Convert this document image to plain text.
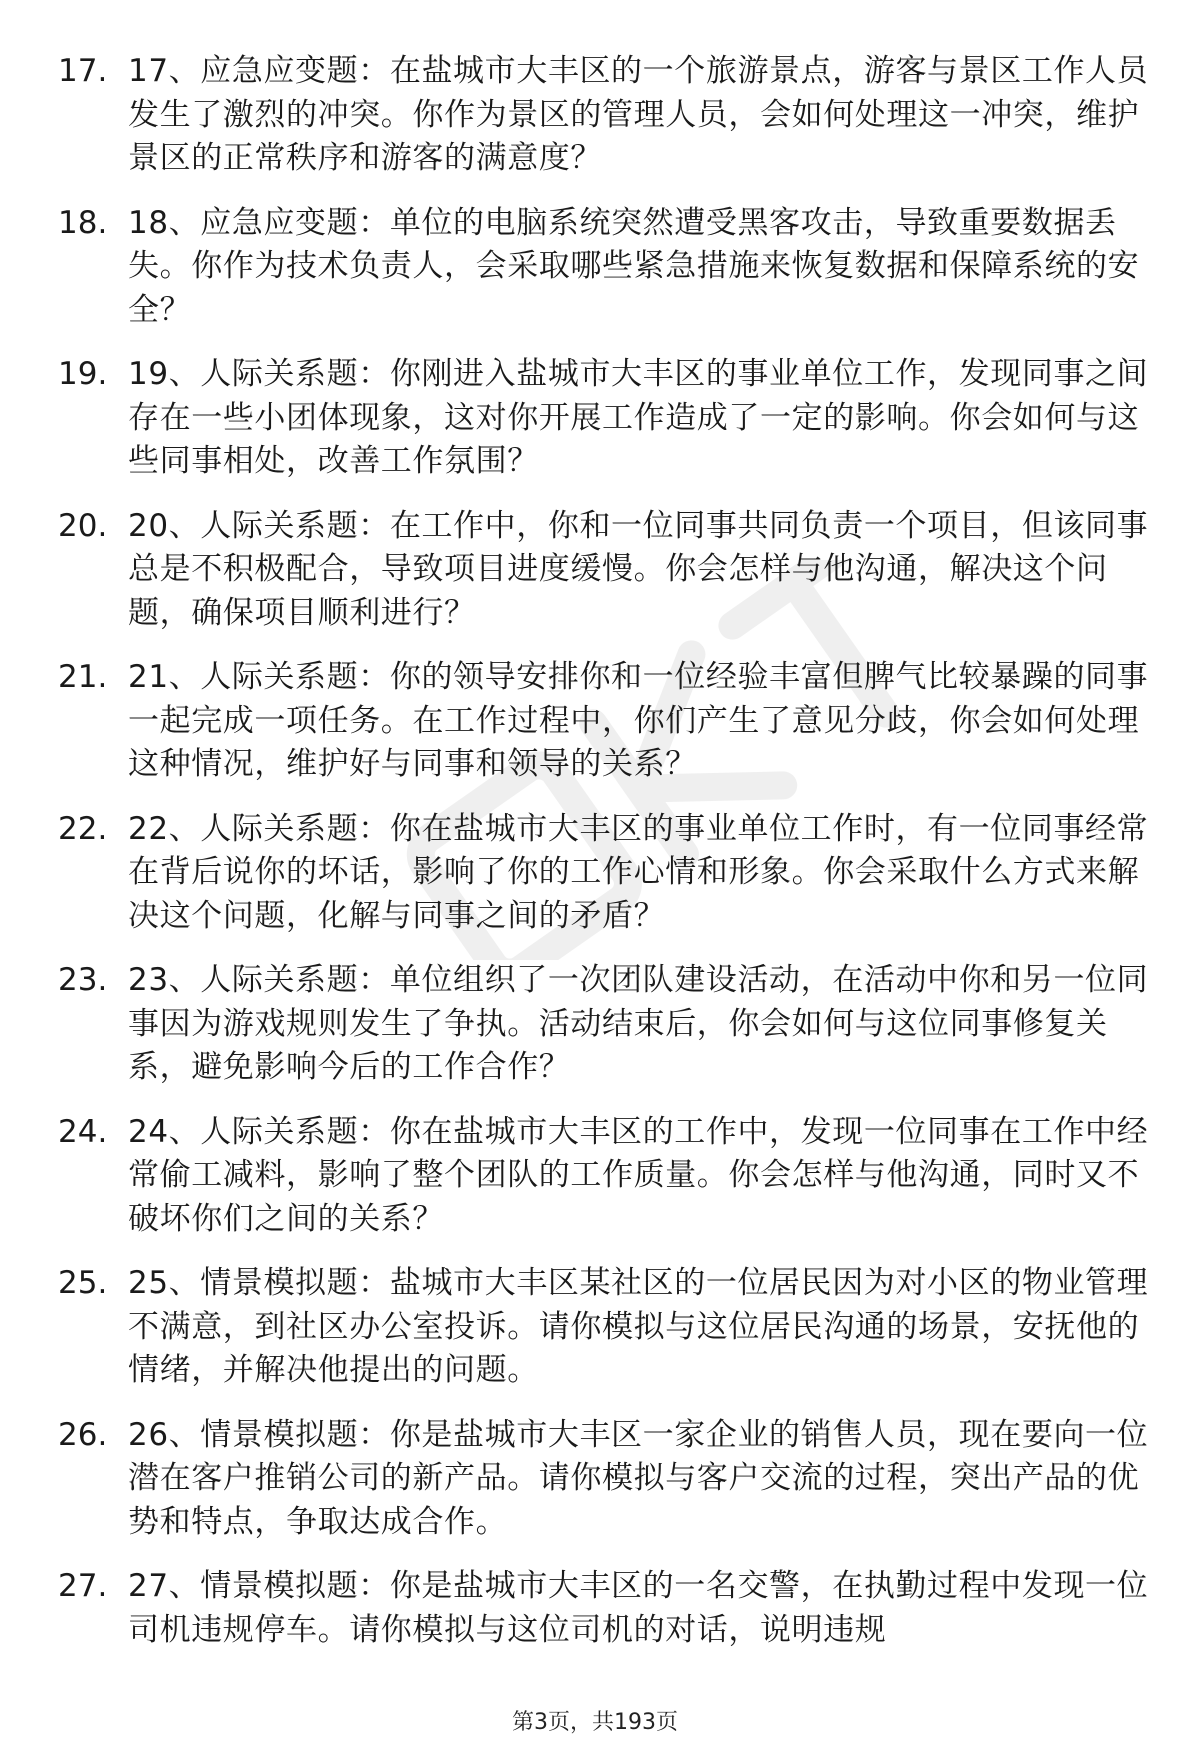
17. 17、应急应变题：在盐城市大丰区的一个旅游景点，游客与景区工作人员发生了激烈的冲突。你作为景区的管理人员，会如何处理这一冲突，维护景区的正常秩序和游客的满意度？
18. 18、应急应变题：单位的电脑系统突然遭受黑客攻击，导致重要数据丢失。你作为技术负责人，会采取哪些紧急措施来恢复数据和保障系统的安全？
19. 19、人际关系题：你刚进入盐城市大丰区的事业单位工作，发现同事之间存在一些小团体现象，这对你开展工作造成了一定的影响。你会如何与这些同事相处，改善工作氛围？
20. 20、人际关系题：在工作中，你和一位同事共同负责一个项目，但该同事总是不积极配合，导致项目进度缓慢。你会怎样与他沟通，解决这个问题，确保项目顺利进行？
21. 21、人际关系题：你的领导安排你和一位经验丰富但脾气比较暴躁的同事一起完成一项任务。在工作过程中，你们产生了意见分歧，你会如何处理这种情况，维护好与同事和领导的关系？
22. 22、人际关系题：你在盐城市大丰区的事业单位工作时，有一位同事经常在背后说你的坏话，影响了你的工作心情和形象。你会采取什么方式来解决这个问题，化解与同事之间的矛盾？
23. 23、人际关系题：单位组织了一次团队建设活动，在活动中你和另一位同事因为游戏规则发生了争执。活动结束后，你会如何与这位同事修复关系，避免影响今后的工作合作？
24. 24、人际关系题：你在盐城市大丰区的工作中，发现一位同事在工作中经常偷工减料，影响了整个团队的工作质量。你会怎样与他沟通，同时又不破坏你们之间的关系？
25. 25、情景模拟题：盐城市大丰区某社区的一位居民因为对小区的物业管理不满意，到社区办公室投诉。请你模拟与这位居民沟通的场景，安抚他的情绪，并解决他提出的问题。
26. 26、情景模拟题：你是盐城市大丰区一家企业的销售人员，现在要向一位潜在客户推销公司的新产品。请你模拟与客户交流的过程，突出产品的优势和特点，争取达成合作。
27. 27、情景模拟题：你是盐城市大丰区的一名交警，在执勤过程中发现一位司机违规停车。请你模拟与这位司机的对话，说明违规
第3页，共193页
